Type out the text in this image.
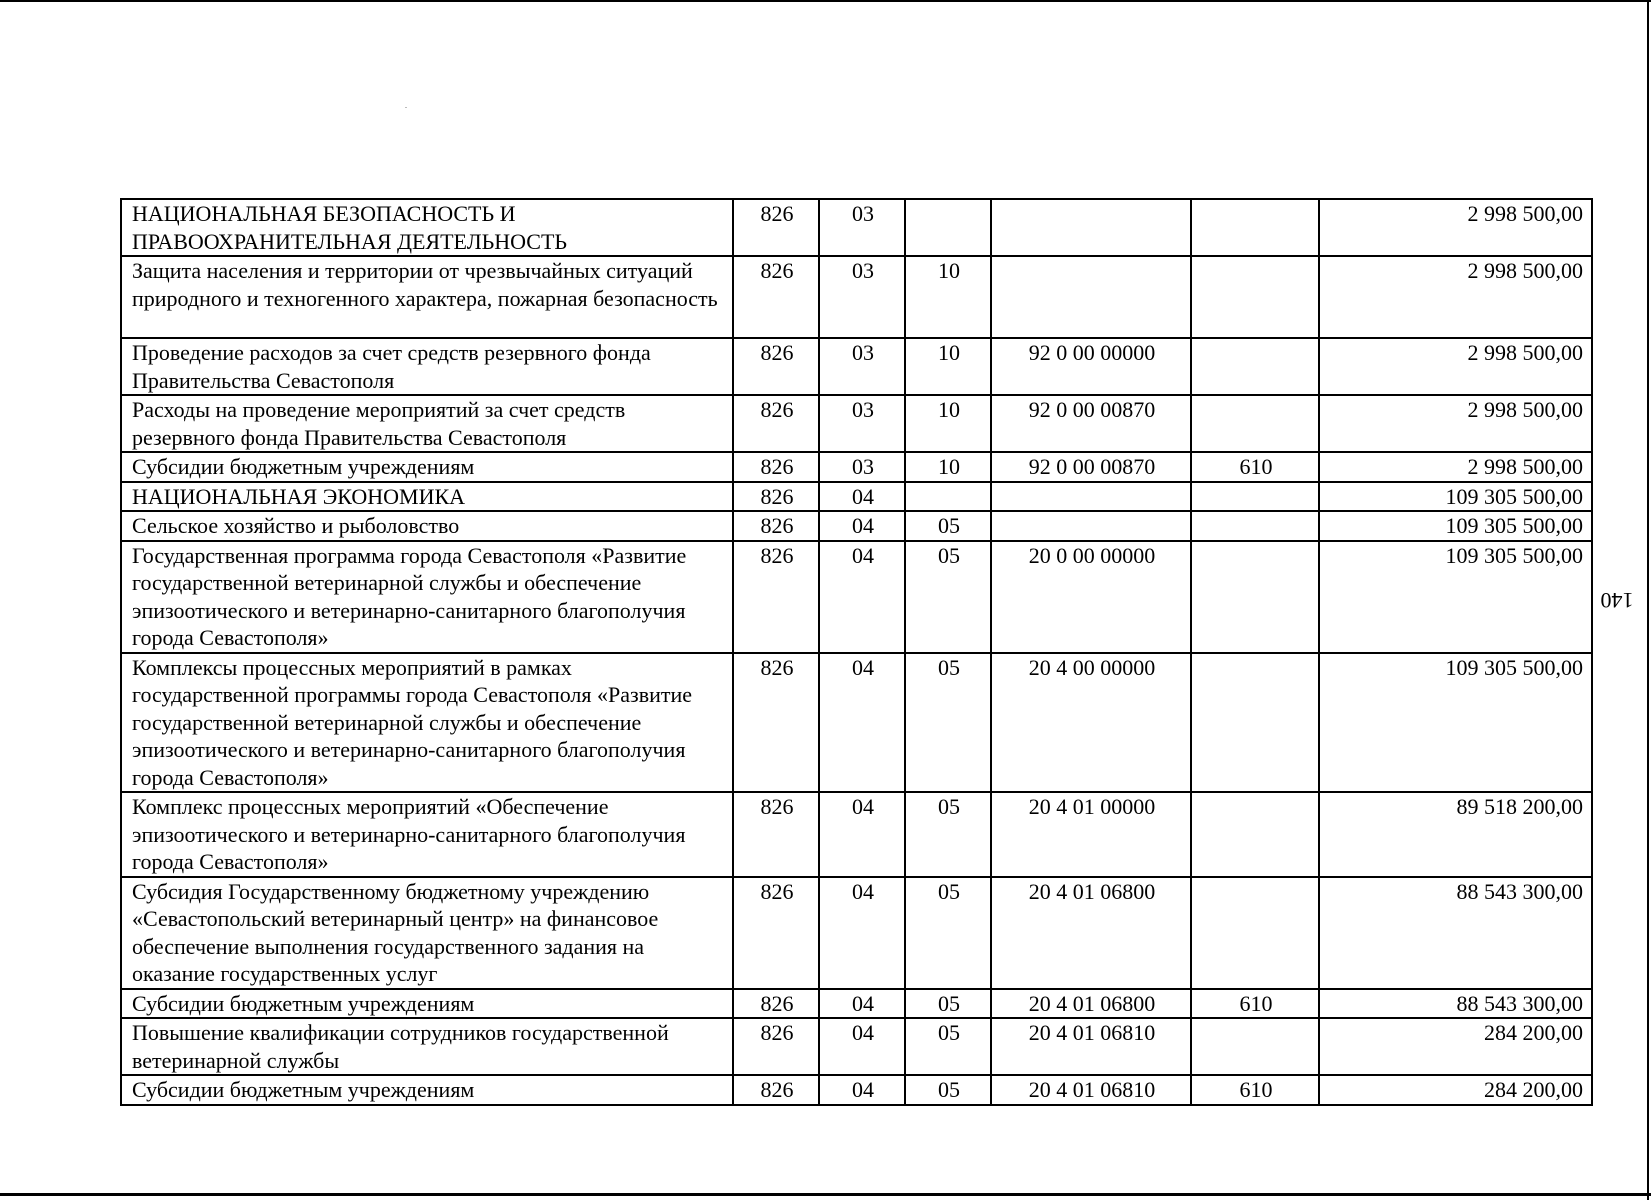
НАЦИОНАЛЬНАЯ БЕЗОПАСНОСТЬ И ПРАВООХРАНИТЕЛЬНАЯ ДЕЯТЕЛЬНОСТЬ	826	03				2 998 500,00
Защита населения и территории от чрезвычайных ситуаций природного и техногенного характера, пожарная безопасность	826	03	10			2 998 500,00
Проведение расходов за счет средств резервного фонда Правительства Севастополя	826	03	10	92 0 00 00000		2 998 500,00
Расходы на проведение мероприятий за счет средств резервного фонда Правительства Севастополя	826	03	10	92 0 00 00870		2 998 500,00
Субсидии бюджетным учреждениям	826	03	10	92 0 00 00870	610	2 998 500,00
НАЦИОНАЛЬНАЯ ЭКОНОМИКА	826	04				109 305 500,00
Сельское хозяйство и рыболовство	826	04	05			109 305 500,00
Государственная программа города Севастополя «Развитие государственной ветеринарной службы и обеспечение эпизоотического и ветеринарно-санитарного благополучия города Севастополя»	826	04	05	20 0 00 00000		109 305 500,00
Комплексы процессных мероприятий в рамках государственной программы города Севастополя «Развитие государственной ветеринарной службы и обеспечение эпизоотического и ветеринарно-санитарного благополучия города Севастополя»	826	04	05	20 4 00 00000		109 305 500,00
Комплекс процессных мероприятий «Обеспечение эпизоотического и ветеринарно-санитарного благополучия города Севастополя»	826	04	05	20 4 01 00000		89 518 200,00
Субсидия Государственному бюджетному учреждению «Севастопольский ветеринарный центр» на финансовое обеспечение выполнения государственного задания на оказание государственных услуг	826	04	05	20 4 01 06800		88 543 300,00
Субсидии бюджетным учреждениям	826	04	05	20 4 01 06800	610	88 543 300,00
Повышение квалификации сотрудников государственной ветеринарной службы	826	04	05	20 4 01 06810		284 200,00
Субсидии бюджетным учреждениям	826	04	05	20 4 01 06810	610	284 200,00
140
